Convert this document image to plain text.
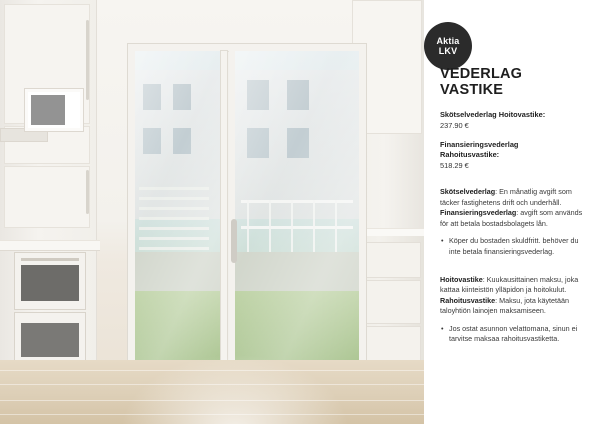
Aktia
LKV
VEDERLAG
VASTIKE
Skötselvederlag Hoitovastike:
237.90 €
Finansieringsvederlag
Rahoitusvastike:
518.29 €
Skötselvederlag: En månatlig avgift som täcker fastighetens drift och underhåll. Finansieringsvederlag: avgift som används för att betala bostadsbolagets lån.
• Köper du bostaden skuldfritt. behöver du inte betala finansieringsvederlag.
Hoitovastike: Kuukausittainen maksu, joka kattaa kiinteistön ylläpidon ja hoitokulut. Rahoitusvastike: Maksu, jota käytetään taloyhtiön lainojen maksamiseen.
• Jos ostat asunnon velattomana, sinun ei tarvitse maksaa rahoitusvastiketta.
